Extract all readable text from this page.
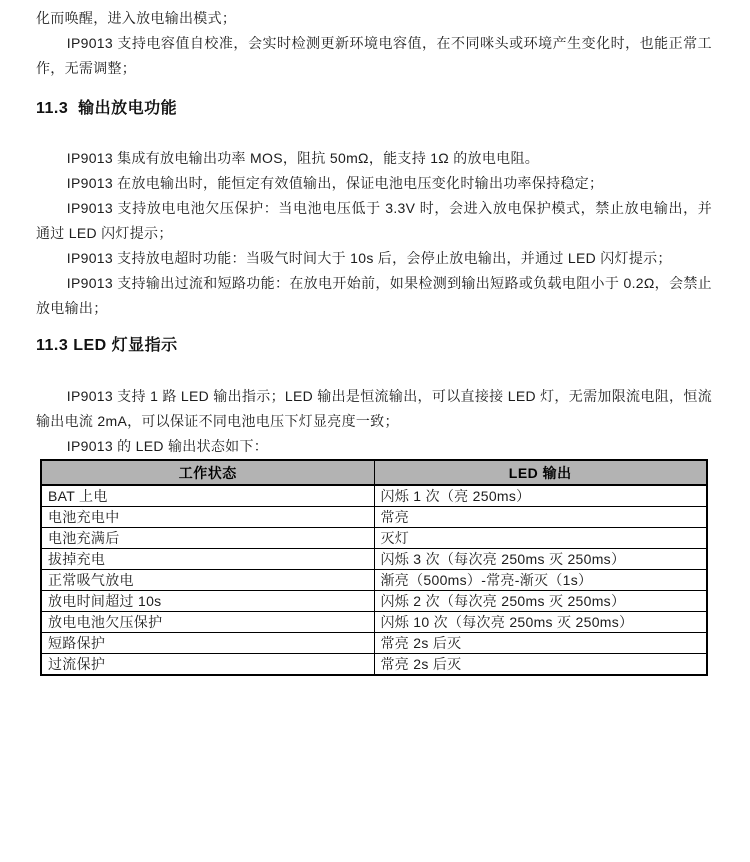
化而唤醒，进入放电输出模式；

IP9013 支持电容值自校准，会实时检测更新环境电容值，在不同咪头或环境产生变化时，也能正常工作，无需调整；

11.3  输出放电功能

IP9013 集成有放电输出功率 MOS，阻抗 50mΩ，能支持 1Ω 的放电电阻。

IP9013 在放电输出时，能恒定有效值输出，保证电池电压变化时输出功率保持稳定；

IP9013 支持放电电池欠压保护：当电池电压低于 3.3V 时，会进入放电保护模式，禁止放电输出，并通过 LED 闪灯提示；

IP9013 支持放电超时功能：当吸气时间大于 10s 后，会停止放电输出，并通过 LED 闪灯提示；

IP9013 支持输出过流和短路功能：在放电开始前，如果检测到输出短路或负载电阻小于 0.2Ω，会禁止放电输出；

11.3 LED 灯显指示

IP9013 支持 1 路 LED 输出指示；LED 输出是恒流输出，可以直接接 LED 灯，无需加限流电阻，恒流输出电流 2mA，可以保证不同电池电压下灯显亮度一致；

IP9013 的 LED 输出状态如下：

工作状态	LED 输出
BAT 上电	闪烁 1 次（亮 250ms）
电池充电中	常亮
电池充满后	灭灯
拔掉充电	闪烁 3 次（每次亮 250ms 灭 250ms）
正常吸气放电	渐亮（500ms）-常亮-渐灭（1s）
放电时间超过 10s	闪烁 2 次（每次亮 250ms 灭 250ms）
放电电池欠压保护	闪烁 10 次（每次亮 250ms 灭 250ms）
短路保护	常亮 2s 后灭
过流保护	常亮 2s 后灭
